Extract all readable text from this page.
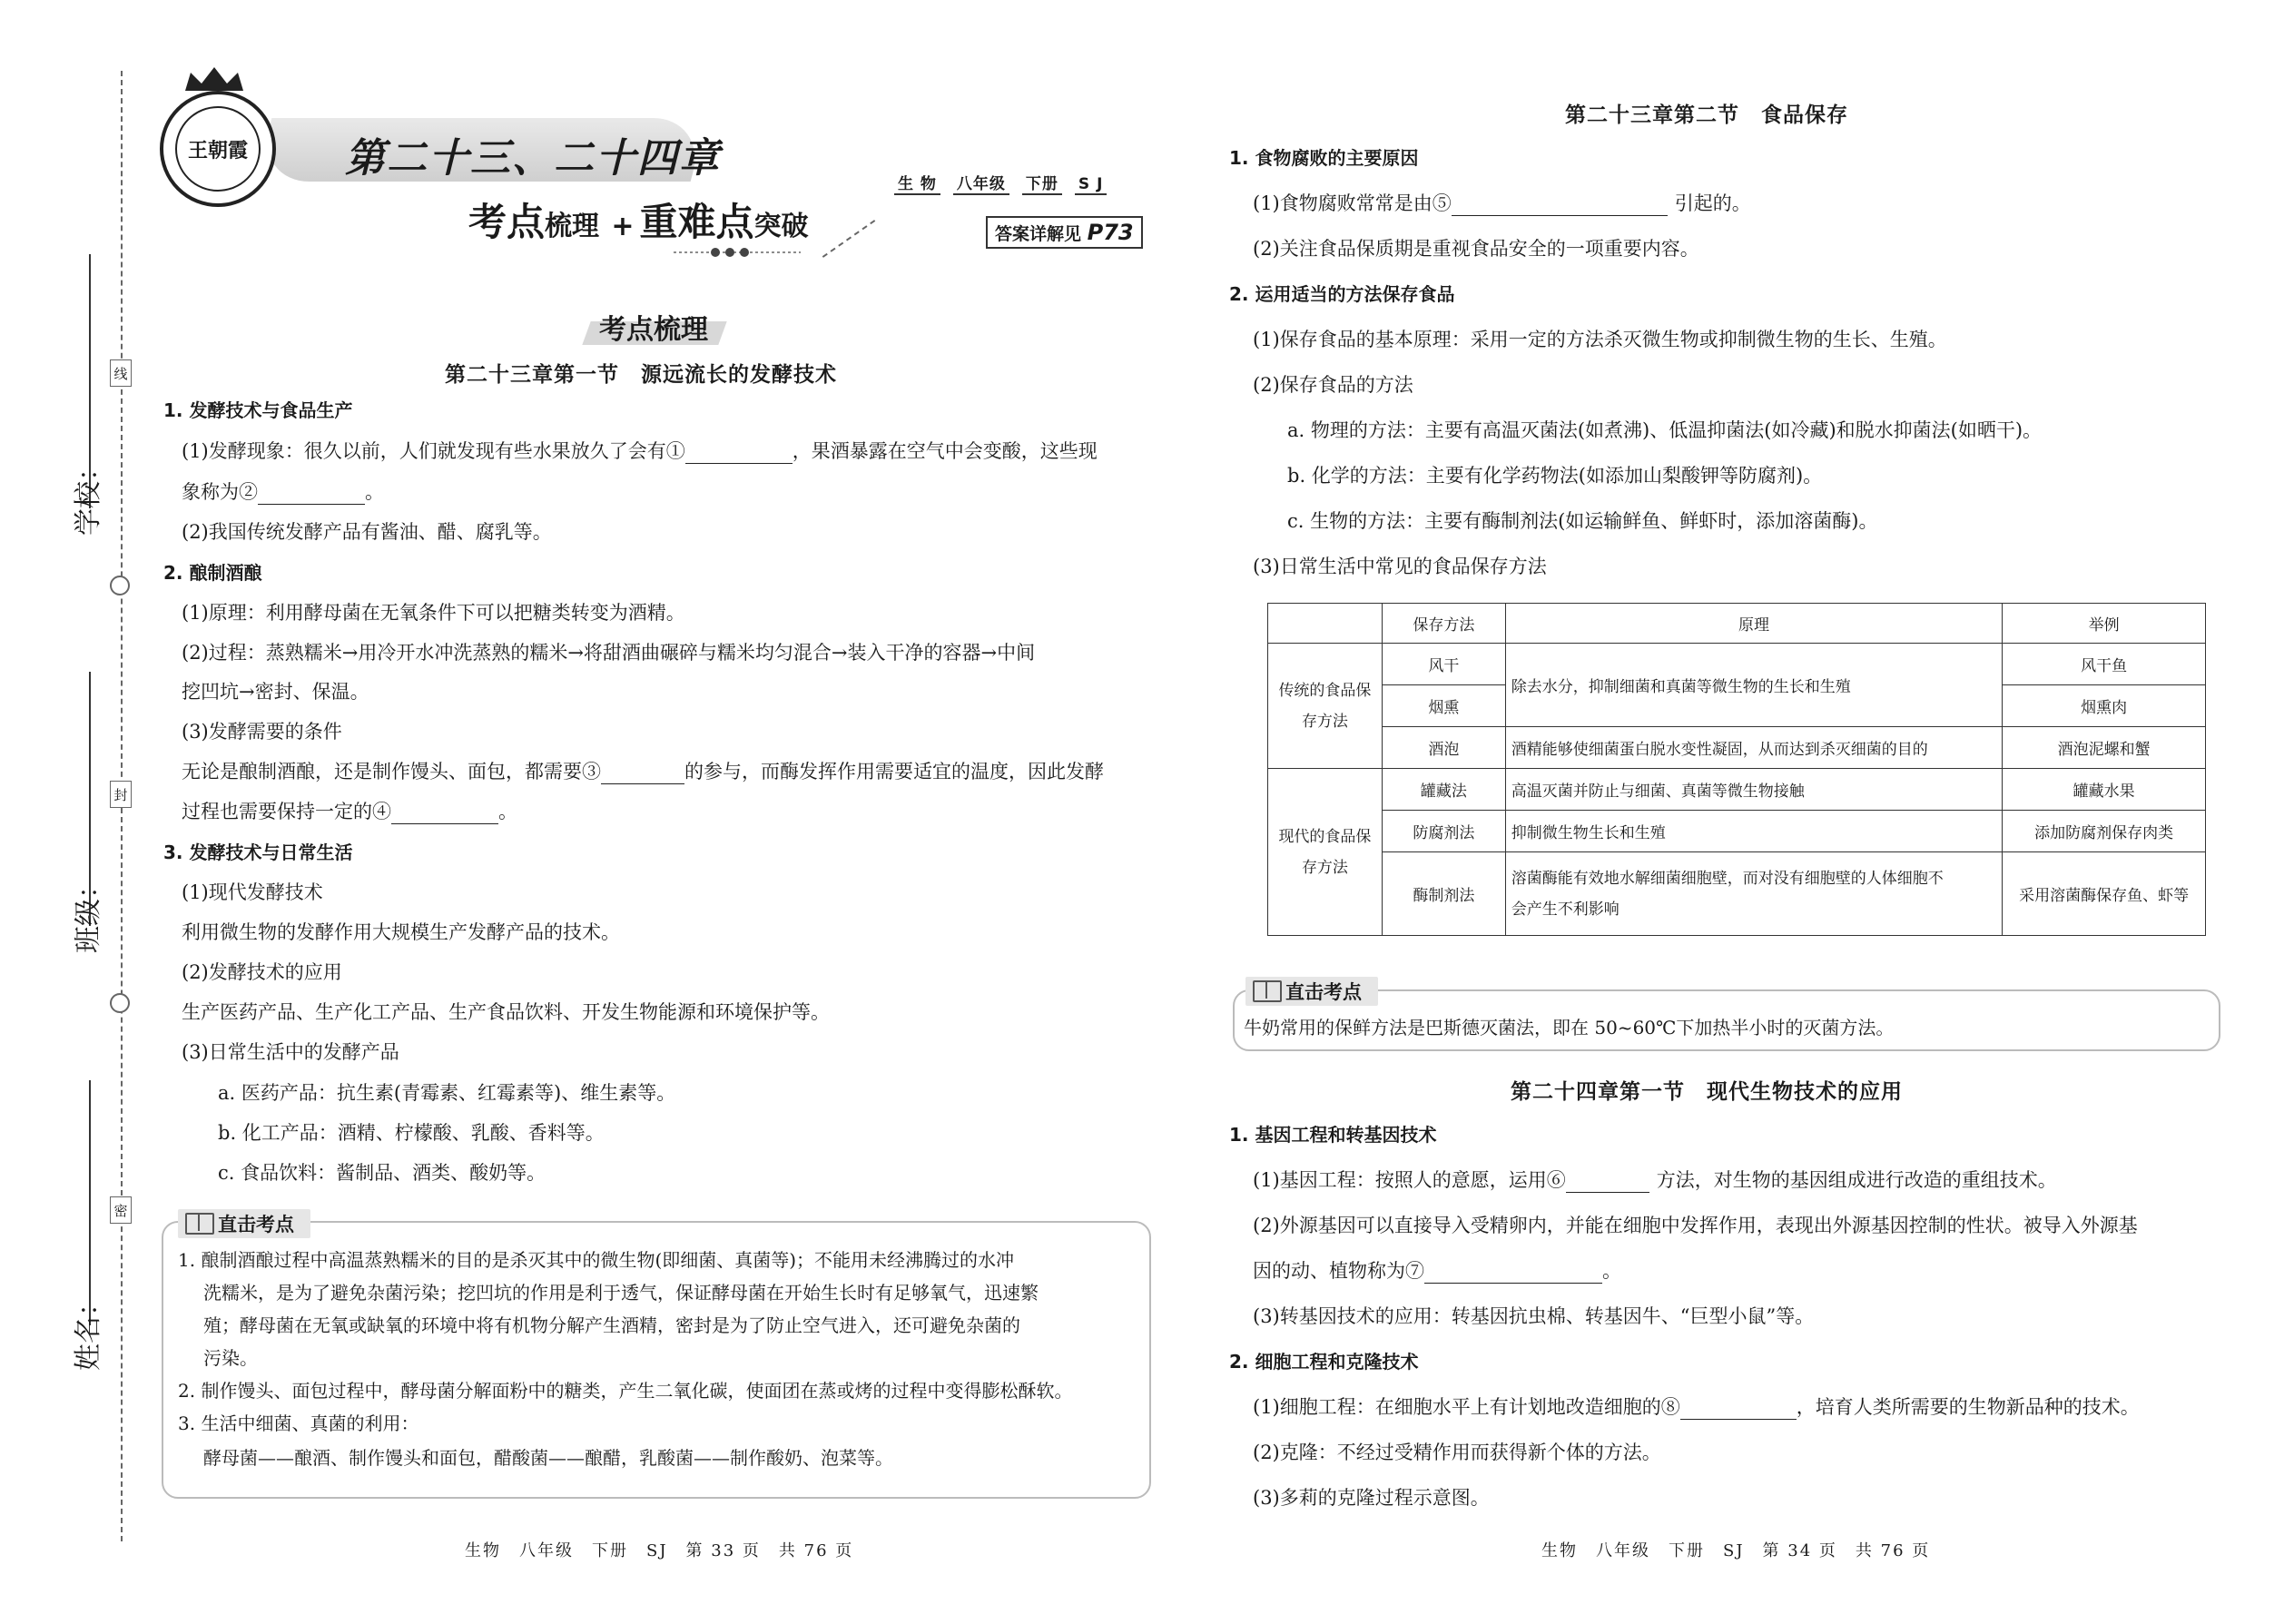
学校：
班级：
姓名：
线
封
密
王朝霞	第二十三、二十四章
生 物 八年级 下册 S J
考点梳理 + 重难点突破	答案详解见 P73
考点梳理
第二十三章第一节　源远流长的发酵技术
1. 发酵技术与食品生产
(1)发酵现象：很久以前，人们就发现有些水果放久了会有①	，果酒暴露在空气中会变酸，这些现
象称为②	。
(2)我国传统发酵产品有酱油、醋、腐乳等。
2. 酿制酒酿
(1)原理：利用酵母菌在无氧条件下可以把糖类转变为酒精。
(2)过程：蒸熟糯米→用冷开水冲洗蒸熟的糯米→将甜酒曲碾碎与糯米均匀混合→装入干净的容器→中间
挖凹坑→密封、保温。
(3)发酵需要的条件
无论是酿制酒酿，还是制作馒头、面包，都需要③	的参与，而酶发挥作用需要适宜的温度，因此发酵
过程也需要保持一定的④	。
3. 发酵技术与日常生活
(1)现代发酵技术
利用微生物的发酵作用大规模生产发酵产品的技术。
(2)发酵技术的应用
生产医药产品、生产化工产品、生产食品饮料、开发生物能源和环境保护等。
(3)日常生活中的发酵产品
a. 医药产品：抗生素(青霉素、红霉素等)、维生素等。
b. 化工产品：酒精、柠檬酸、乳酸、香料等。
c. 食品饮料：酱制品、酒类、酸奶等。
直击考点
1. 酿制酒酿过程中高温蒸熟糯米的目的是杀灭其中的微生物(即细菌、真菌等)；不能用未经沸腾过的水冲
洗糯米，是为了避免杂菌污染；挖凹坑的作用是利于透气，保证酵母菌在开始生长时有足够氧气，迅速繁
殖；酵母菌在无氧或缺氧的环境中将有机物分解产生酒精，密封是为了防止空气进入，还可避免杂菌的
污染。
2. 制作馒头、面包过程中，酵母菌分解面粉中的糖类，产生二氧化碳，使面团在蒸或烤的过程中变得膨松酥软。
3. 生活中细菌、真菌的利用：
酵母菌——酿酒、制作馒头和面包，醋酸菌——酿醋，乳酸菌——制作酸奶、泡菜等。
生物　八年级　下册　SJ　第 33 页　共 76 页
第二十三章第二节　食品保存
1. 食物腐败的主要原因
(1)食物腐败常常是由⑤	引起的。
(2)关注食品保质期是重视食品安全的一项重要内容。
2. 运用适当的方法保存食品
(1)保存食品的基本原理：采用一定的方法杀灭微生物或抑制微生物的生长、生殖。
(2)保存食品的方法
a. 物理的方法：主要有高温灭菌法(如煮沸)、低温抑菌法(如冷藏)和脱水抑菌法(如晒干)。
b. 化学的方法：主要有化学药物法(如添加山梨酸钾等防腐剂)。
c. 生物的方法：主要有酶制剂法(如运输鲜鱼、鲜虾时，添加溶菌酶)。
(3)日常生活中常见的食品保存方法
	保存方法	原理	举例
传统的食品保存方法	风干	除去水分，抑制细菌和真菌等微生物的生长和生殖	风干鱼
	烟熏		烟熏肉
	酒泡	酒精能够使细菌蛋白脱水变性凝固，从而达到杀灭细菌的目的	酒泡泥螺和蟹
现代的食品保存方法	罐藏法	高温灭菌并防止与细菌、真菌等微生物接触	罐藏水果
	防腐剂法	抑制微生物生长和生殖	添加防腐剂保存肉类
	酶制剂法	溶菌酶能有效地水解细菌细胞壁，而对没有细胞壁的人体细胞不
会产生不利影响	采用溶菌酶保存鱼、虾等
直击考点
牛奶常用的保鲜方法是巴斯德灭菌法，即在 50~60℃下加热半小时的灭菌方法。
第二十四章第一节　现代生物技术的应用
1. 基因工程和转基因技术
(1)基因工程：按照人的意愿，运用⑥	方法，对生物的基因组成进行改造的重组技术。
(2)外源基因可以直接导入受精卵内，并能在细胞中发挥作用，表现出外源基因控制的性状。被导入外源基
因的动、植物称为⑦	。
(3)转基因技术的应用：转基因抗虫棉、转基因牛、“巨型小鼠”等。
2. 细胞工程和克隆技术
(1)细胞工程：在细胞水平上有计划地改造细胞的⑧	，培育人类所需要的生物新品种的技术。
(2)克隆：不经过受精作用而获得新个体的方法。
(3)多莉的克隆过程示意图。
生物　八年级　下册　SJ　第 34 页　共 76 页
